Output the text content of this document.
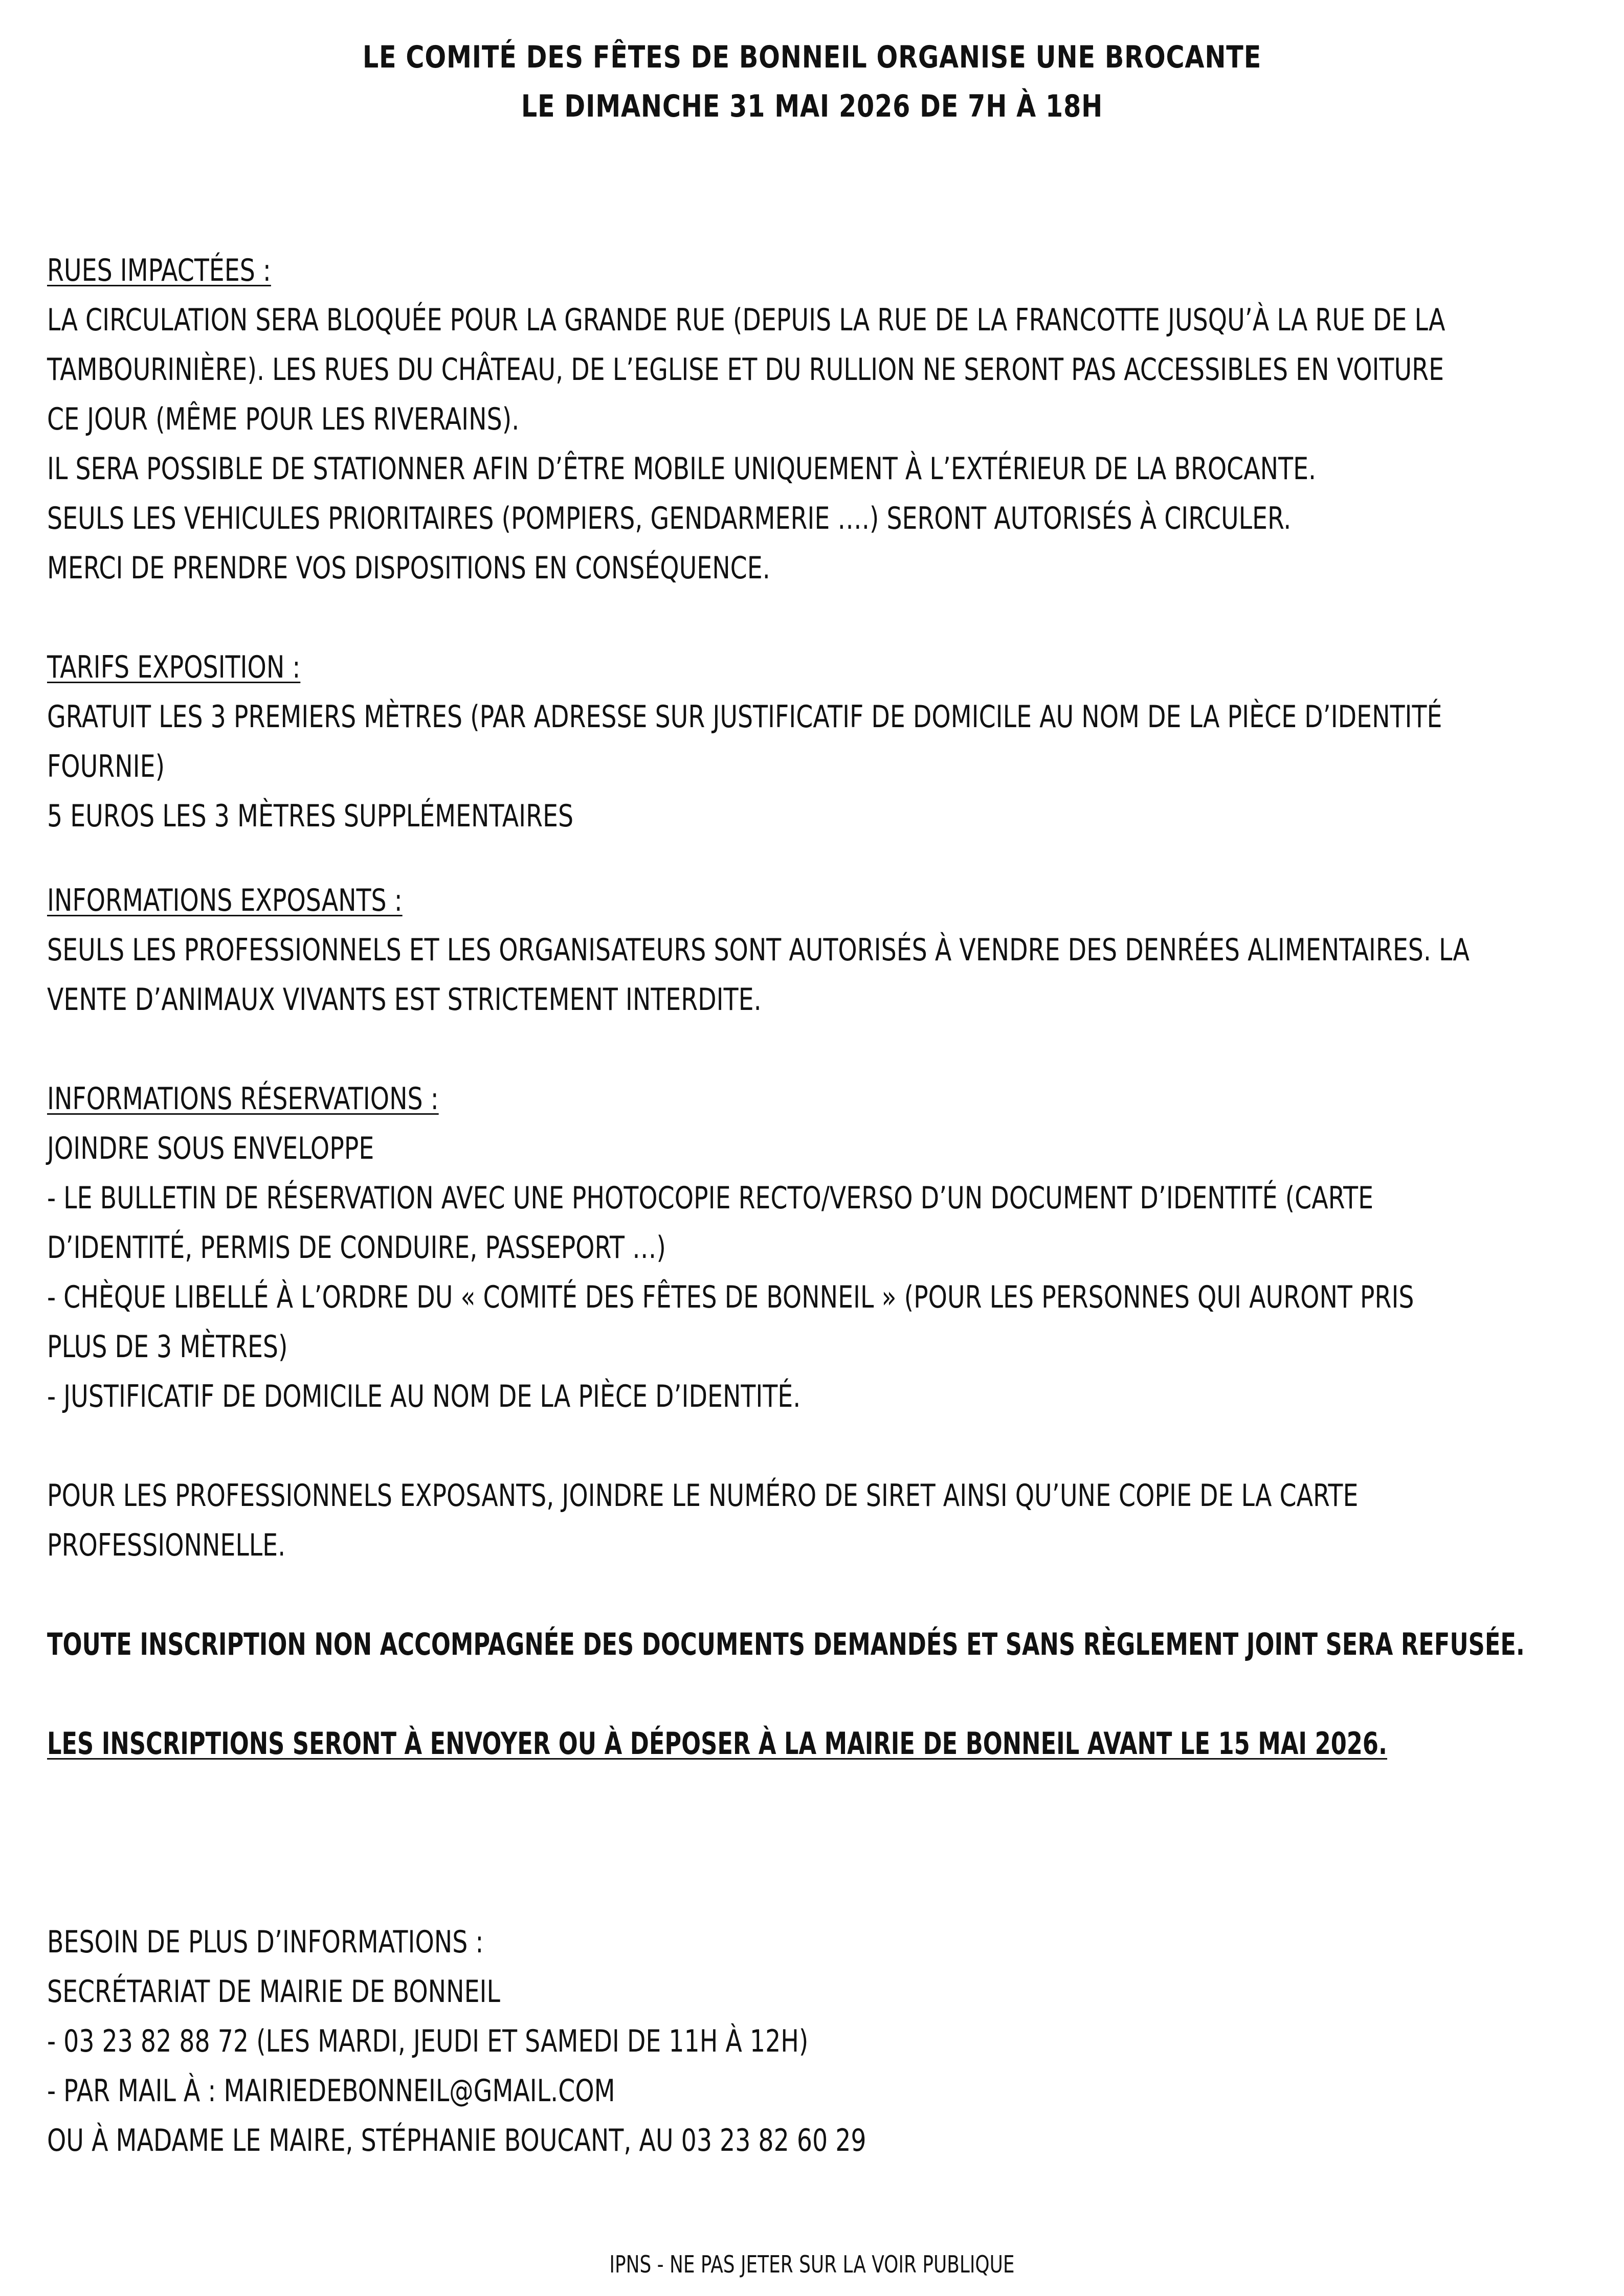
LE COMITÉ DES FÊTES DE BONNEIL ORGANISE UNE BROCANTE
LE DIMANCHE 31 MAI 2026 DE 7H À 18H
RUES IMPACTÉES :
LA CIRCULATION SERA BLOQUÉE POUR LA GRANDE RUE (DEPUIS LA RUE DE LA FRANCOTTE JUSQU’À LA RUE DE LA
TAMBOURINIÈRE). LES RUES DU CHÂTEAU, DE L’EGLISE ET DU RULLION NE SERONT PAS ACCESSIBLES EN VOITURE
CE JOUR (MÊME POUR LES RIVERAINS).
IL SERA POSSIBLE DE STATIONNER AFIN D’ÊTRE MOBILE UNIQUEMENT À L’EXTÉRIEUR DE LA BROCANTE.
SEULS LES VEHICULES PRIORITAIRES (POMPIERS, GENDARMERIE ….) SERONT AUTORISÉS À CIRCULER.
MERCI DE PRENDRE VOS DISPOSITIONS EN CONSÉQUENCE.
TARIFS EXPOSITION :
GRATUIT LES 3 PREMIERS MÈTRES (PAR ADRESSE SUR JUSTIFICATIF DE DOMICILE AU NOM DE LA PIÈCE D’IDENTITÉ
FOURNIE)
5 EUROS LES 3 MÈTRES SUPPLÉMENTAIRES
INFORMATIONS EXPOSANTS :
SEULS LES PROFESSIONNELS ET LES ORGANISATEURS SONT AUTORISÉS À VENDRE DES DENRÉES ALIMENTAIRES. LA
VENTE D’ANIMAUX VIVANTS EST STRICTEMENT INTERDITE.
INFORMATIONS RÉSERVATIONS :
JOINDRE SOUS ENVELOPPE
- LE BULLETIN DE RÉSERVATION AVEC UNE PHOTOCOPIE RECTO/VERSO D’UN DOCUMENT D’IDENTITÉ (CARTE
D’IDENTITÉ, PERMIS DE CONDUIRE, PASSEPORT …)
- CHÈQUE LIBELLÉ À L’ORDRE DU « COMITÉ DES FÊTES DE BONNEIL » (POUR LES PERSONNES QUI AURONT PRIS
PLUS DE 3 MÈTRES)
- JUSTIFICATIF DE DOMICILE AU NOM DE LA PIÈCE D’IDENTITÉ.
POUR LES PROFESSIONNELS EXPOSANTS, JOINDRE LE NUMÉRO DE SIRET AINSI QU’UNE COPIE DE LA CARTE
PROFESSIONNELLE.
TOUTE INSCRIPTION NON ACCOMPAGNÉE DES DOCUMENTS DEMANDÉS ET SANS RÈGLEMENT JOINT SERA REFUSÉE.
LES INSCRIPTIONS SERONT À ENVOYER OU À DÉPOSER À LA MAIRIE DE BONNEIL AVANT LE 15 MAI 2026.
BESOIN DE PLUS D’INFORMATIONS :
SECRÉTARIAT DE MAIRIE DE BONNEIL
- 03 23 82 88 72 (LES MARDI, JEUDI ET SAMEDI DE 11H À 12H)
- PAR MAIL À : MAIRIEDEBONNEIL@GMAIL.COM
OU À MADAME LE MAIRE, STÉPHANIE BOUCANT, AU 03 23 82 60 29
IPNS - NE PAS JETER SUR LA VOIR PUBLIQUE
